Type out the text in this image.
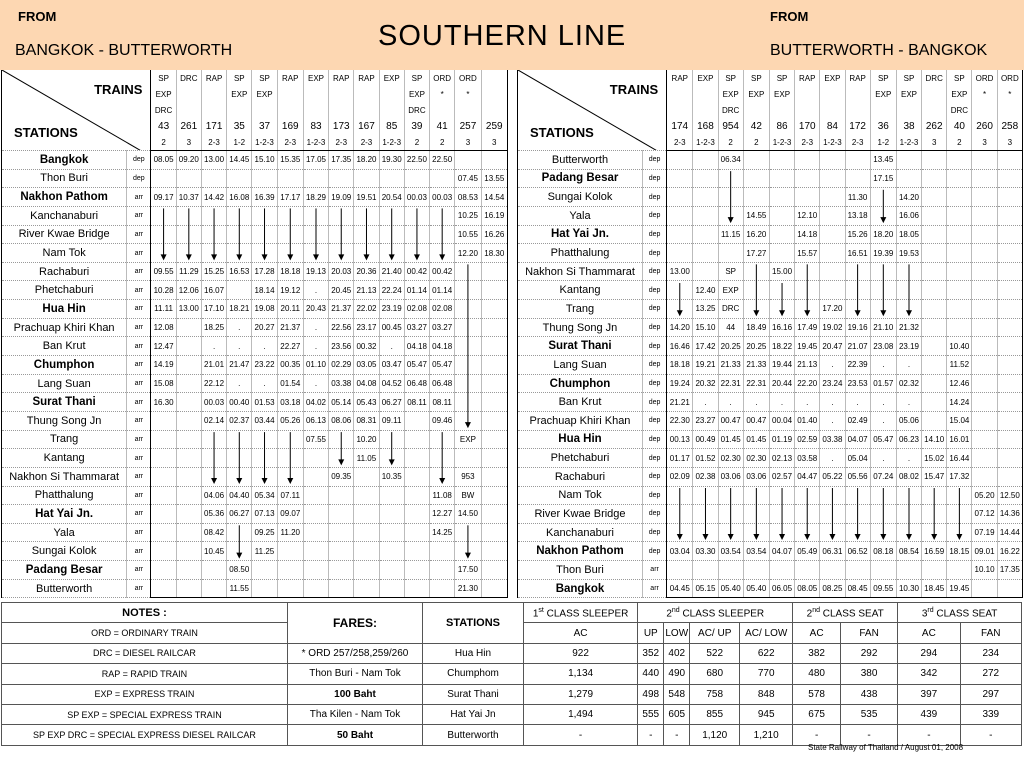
FROM
BANGKOK - BUTTERWORTH	SOUTHERN LINE
FROM
BUTTERWORTH - BANGKOK
TRAINS
STATIONS		SP	DRC	RAP	SP	SP	RAP	EXP	RAP	RAP	EXP	SP	ORD	ORD	
		EXP			EXP	EXP						EXP	*	*	
		DRC										DRC			
		43	261	171	35	37	169	83	173	167	85	39	41	257	259
		2	3	2-3	1-2	1-2-3	2-3	1-2-3	2-3	2-3	1-2-3	2	2	3	3
Bangkok	dep	08.05	09.20	13.00	14.45	15.10	15.35	17.05	17.35	18.20	19.30	22.50	22.50		
Thon Buri	dep													07.45	13.55
Nakhon Pathom	arr	09.17	10.37	14.42	16.08	16.39	17.17	18.29	19.09	19.51	20.54	00.03	00.03	08.53	14.54
Kanchanaburi	arr													10.25	16.19
River Kwae Bridge	arr													10.55	16.26
Nam Tok	arr													12.20	18.30
Rachaburi	arr	09.55	11.29	15.25	16.53	17.28	18.18	19.13	20.03	20.36	21.40	00.42	00.42		
Phetchaburi	arr	10.28	12.06	16.07		18.14	19.12	.	20.45	21.13	22.24	01.14	01.14		
Hua Hin	arr	11.11	13.00	17.10	18.21	19.08	20.11	20.43	21.37	22.02	23.19	02.08	02.08		
Prachuap Khiri Khan	arr	12.08		18.25	.	20.27	21.37	.	22.56	23.17	00.45	03.27	03.27		
Ban Krut	arr	12.47		.	.	.	22.27	.	23.56	00.32	.	04.18	04.18		
Chumphon	arr	14.19		21.01	21.47	23.22	00.35	01.10	02.29	03.05	03.47	05.47	05.47		
Lang Suan	arr	15.08		22.12	.	.	01.54	.	03.38	04.08	04.52	06.48	06.48		
Surat Thani	arr	16.30		00.03	00.40	01.53	03.18	04.02	05.14	05.43	06.27	08.11	08.11		
Thung Song Jn	arr			02.14	02.37	03.44	05.26	06.13	08.06	08.31	09.11		09.46		
Trang	arr							07.55		10.20				EXP	
Kantang	arr									11.05					
Nakhon Si Thammarat	arr								09.35		10.35			953	
Phatthalung	arr			04.06	04.40	05.34	07.11						11.08	BW	
Hat Yai Jn.	arr			05.36	06.27	07.13	09.07						12.27	14.50	
Yala	arr			08.42		09.25	11.20						14.25		
Sungai Kolok	arr			10.45		11.25									
Padang Besar	arr				08.50									17.50	
Butterworth	arr				11.55									21.30	
TRAINS
STATIONS		RAP	EXP	SP	SP	SP	RAP	EXP	RAP	SP	SP	DRC	SP	ORD	ORD
				EXP	EXP	EXP				EXP	EXP		EXP	*	*
				DRC									DRC		
		174	168	954	42	86	170	84	172	36	38	262	40	260	258
		2-3	1-2-3	2	2	1-2-3	2-3	1-2-3	2-3	1-2	1-2-3	3	2	3	3
Butterworth	dep			06.34						13.45					
Padang Besar	dep									17.15					
Sungai Kolok	dep								11.30		14.20				
Yala	dep				14.55		12.10		13.18		16.06				
Hat Yai Jn.	dep			11.15	16.20		14.18		15.26	18.20	18.05				
Phatthalung	dep				17.27		15.57		16.51	19.39	19.53				
Nakhon Si Thammarat	dep	13.00		SP		15.00									
Kantang	dep		12.40	EXP											
Trang	dep		13.25	DRC				17.20							
Thung Song Jn	dep	14.20	15.10	44	18.49	16.16	17.49	19.02	19.16	21.10	21.32				
Surat Thani	dep	16.46	17.42	20.25	20.25	18.22	19.45	20.47	21.07	23.08	23.19		10.40		
Lang Suan	dep	18.18	19.21	21.33	21.33	19.44	21.13	.	22.39	.	.		11.52		
Chumphon	dep	19.24	20.32	22.31	22.31	20.44	22.20	23.24	23.53	01.57	02.32		12.46		
Ban Krut	dep	21.21	.	.	.	.	.	.	.	.	.		14.24		
Prachuap Khiri Khan	dep	22.30	23.27	00.47	00.47	00.04	01.40	.	02.49	.	05.06		15.04		
Hua Hin	dep	00.13	00.49	01.45	01.45	01.19	02.59	03.38	04.07	05.47	06.23	14.10	16.01		
Phetchaburi	dep	01.17	01.52	02.30	02.30	02.13	03.58	.	05.04	.	.	15.02	16.44		
Rachaburi	dep	02.09	02.38	03.06	03.06	02.57	04.47	05.22	05.56	07.24	08.02	15.47	17.32		
Nam Tok	dep													05.20	12.50
River Kwae Bridge	dep													07.12	14.36
Kanchanaburi	dep													07.19	14.44
Nakhon Pathom	dep	03.04	03.30	03.54	03.54	04.07	05.49	06.31	06.52	08.18	08.54	16.59	18.15	09.01	16.22
Thon Buri	arr													10.10	17.35
Bangkok	arr	04.45	05.15	05.40	05.40	06.05	08.05	08.25	08.45	09.55	10.30	18.45	19.45		
NOTES :	FARES:	STATIONS	1st CLASS SLEEPER	2nd CLASS SLEEPER				2nd CLASS SEAT		3rd CLASS SEAT	
ORD = ORDINARY TRAIN			AC	UP	LOW	AC/ UP	AC/ LOW	AC	FAN	AC	FAN
DRC = DIESEL RAILCAR	* ORD 257/258,259/260	Hua Hin	922	352	402	522	622	382	292	294	234
RAP = RAPID TRAIN	Thon Buri - Nam Tok	Chumphom	1,134	440	490	680	770	480	380	342	272
EXP = EXPRESS TRAIN	100 Baht	Surat Thani	1,279	498	548	758	848	578	438	397	297
SP EXP = SPECIAL EXPRESS TRAIN	Tha Kilen - Nam Tok	Hat Yai Jn	1,494	555	605	855	945	675	535	439	339
SP EXP DRC = SPECIAL EXPRESS DIESEL RAILCAR	50 Baht	Butterworth	-	-	-	1,120	1,210	-	-	-	-
State Railway of Thailand / August 01, 2008
